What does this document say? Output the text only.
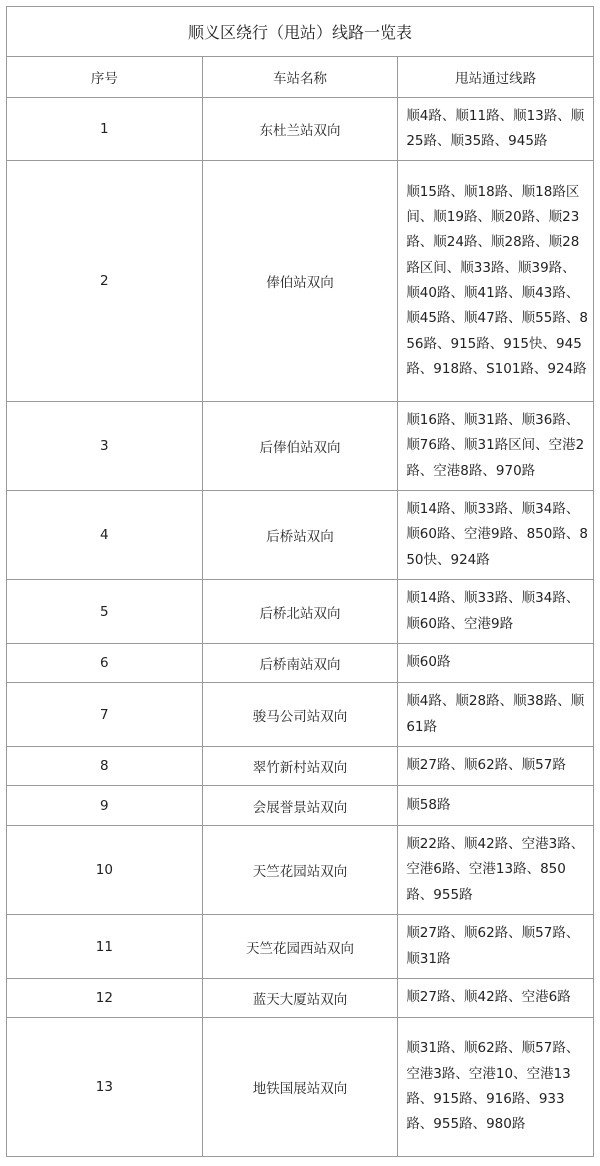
顺义区绕行（甩站）线路一览表		
序号	车站名称	甩站通过线路
1	东杜兰站双向	顺4路、顺11路、顺13路、顺25路、顺35路、945路
2	俸伯站双向	顺15路、顺18路、顺18路区间、顺19路、顺20路、顺23路、顺24路、顺28路、顺28路区间、顺33路、顺39路、顺40路、顺41路、顺43路、顺45路、顺47路、顺55路、856路、915路、915快、945路、918路、S101路、924路
3	后俸伯站双向	顺16路、顺31路、顺36路、顺76路、顺31路区间、空港2路、空港8路、970路
4	后桥站双向	顺14路、顺33路、顺34路、顺60路、空港9路、850路、850快、924路
5	后桥北站双向	顺14路、顺33路、顺34路、顺60路、空港9路
6	后桥南站双向	顺60路
7	骏马公司站双向	顺4路、顺28路、顺38路、顺61路
8	翠竹新村站双向	顺27路、顺62路、顺57路
9	会展誉景站双向	顺58路
10	天竺花园站双向	顺22路、顺42路、空港3路、空港6路、空港13路、850路、955路
11	天竺花园西站双向	顺27路、顺62路、顺57路、顺31路
12	蓝天大厦站双向	顺27路、顺42路、空港6路
13	地铁国展站双向	顺31路、顺62路、顺57路、空港3路、空港10、空港13路、915路、916路、933路、955路、980路
